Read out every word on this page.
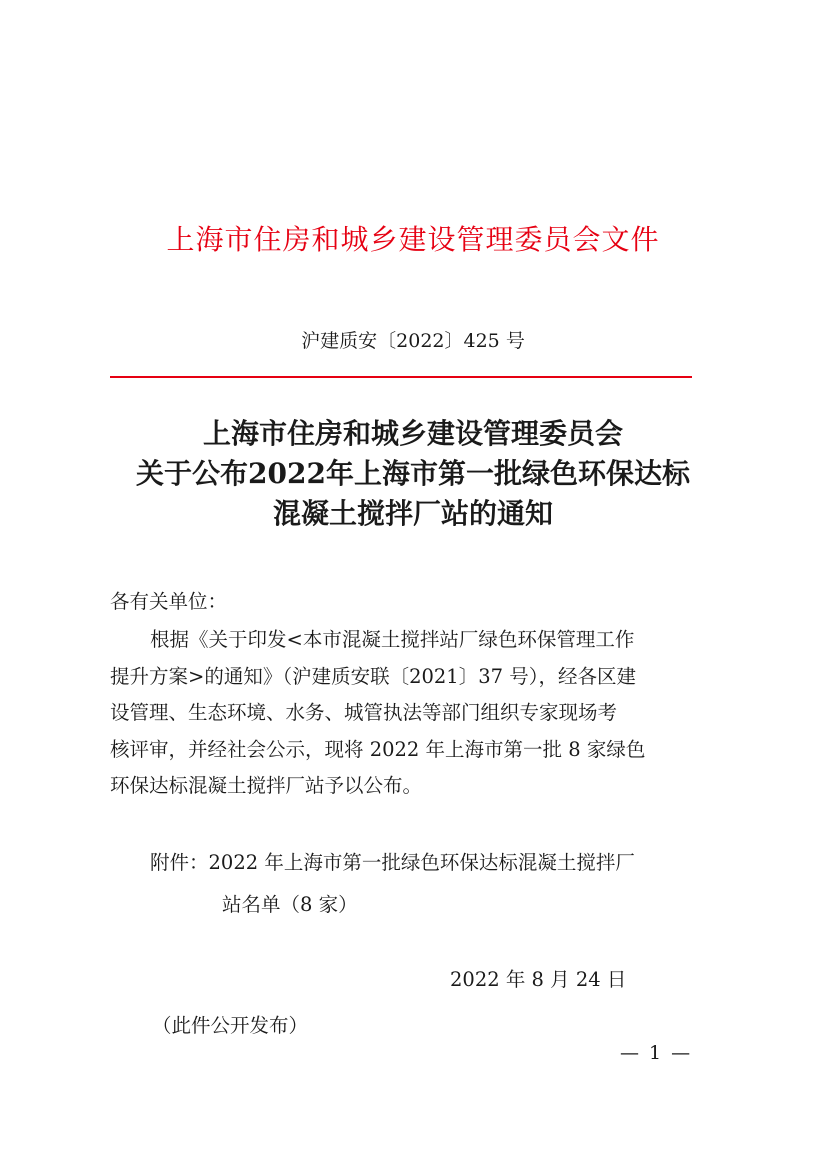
上海市住房和城乡建设管理委员会文件
沪建质安〔2022〕425 号
上海市住房和城乡建设管理委员会
关于公布2022年上海市第一批绿色环保达标
混凝土搅拌厂站的通知
各有关单位：
根据《关于印发<本市混凝土搅拌站厂绿色环保管理工作
提升方案>的通知》（沪建质安联〔2021〕37 号），经各区建
设管理、生态环境、水务、城管执法等部门组织专家现场考
核评审，并经社会公示，现将 2022 年上海市第一批 8 家绿色
环保达标混凝土搅拌厂站予以公布。
附件：2022 年上海市第一批绿色环保达标混凝土搅拌厂
站名单（8 家）
2022 年 8 月 24 日
（此件公开发布）
— 1 —
